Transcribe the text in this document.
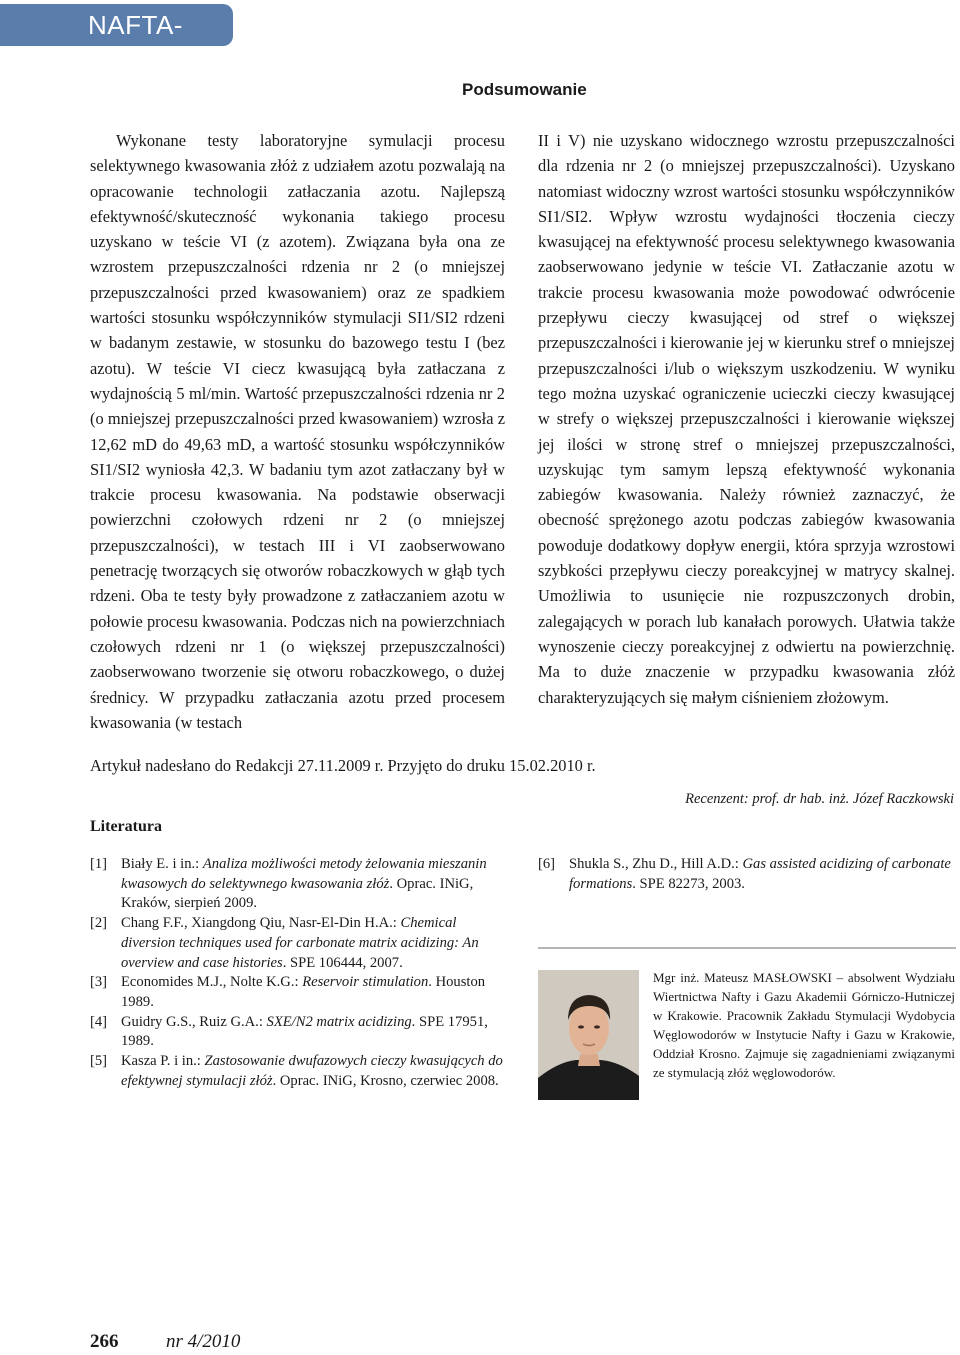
NAFTA-GAZ
Podsumowanie

Wykonane testy laboratoryjne symulacji procesu selektywnego kwasowania złóż z udziałem azotu pozwalają na opracowanie technologii zatłaczania azotu. Najlepszą efektywność/skuteczność wykonania takiego procesu uzyskano w teście VI (z azotem). Związana była ona ze wzrostem przepuszczalności rdzenia nr 2 (o mniejszej przepuszczalności przed kwasowaniem) oraz ze spadkiem wartości stosunku współczynników stymulacji SI1/SI2 rdzeni w badanym zestawie, w stosunku do bazowego testu I (bez azotu). W teście VI ciecz kwasującą była zatłaczana z wydajnością 5 ml/min. Wartość przepuszczalności rdzenia nr 2 (o mniejszej przepuszczalności przed kwasowaniem) wzrosła z 12,62 mD do 49,63 mD, a wartość stosunku współczynników SI1/SI2 wyniosła 42,3. W badaniu tym azot zatłaczany był w trakcie procesu kwasowania. Na podstawie obserwacji powierzchni czołowych rdzeni nr 2 (o mniejszej przepuszczalności), w testach III i VI zaobserwowano penetrację tworzących się otworów robaczkowych w głąb tych rdzeni. Oba te testy były prowadzone z zatłaczaniem azotu w połowie procesu kwasowania. Podczas nich na powierzchniach czołowych rdzeni nr 1 (o większej przepuszczalności) zaobserwowano tworzenie się otworu robaczkowego, o dużej średnicy. W przypadku zatłaczania azotu przed procesem kwasowania (w testach

II i V) nie uzyskano widocznego wzrostu przepuszczalności dla rdzenia nr 2 (o mniejszej przepuszczalności). Uzyskano natomiast widoczny wzrost wartości stosunku współczynników SI1/SI2. Wpływ wzrostu wydajności tłoczenia cieczy kwasującej na efektywność procesu selektywnego kwasowania zaobserwowano jedynie w teście VI. Zatłaczanie azotu w trakcie procesu kwasowania może powodować odwrócenie przepływu cieczy kwasującej od stref o większej przepuszczalności i kierowanie jej w kierunku stref o mniejszej przepuszczalności i/lub o większym uszkodzeniu. W wyniku tego można uzyskać ograniczenie ucieczki cieczy kwasującej w strefy o większej przepuszczalności i kierowanie większej jej ilości w stronę stref o mniejszej przepuszczalności, uzyskując tym samym lepszą efektywność wykonania zabiegów kwasowania. Należy również zaznaczyć, że obecność sprężonego azotu podczas zabiegów kwasowania powoduje dodatkowy dopływ energii, która sprzyja wzrostowi szybkości przepływu cieczy poreakcyjnej w matrycy skalnej. Umożliwia to usunięcie nie rozpuszczonych drobin, zalegających w porach lub kanałach porowych. Ułatwia także wynoszenie cieczy poreakcyjnej z odwiertu na powierzchnię. Ma to duże znaczenie w przypadku kwasowania złóż charakteryzujących się małym ciśnieniem złożowym.

Artykuł nadesłano do Redakcji 27.11.2009 r. Przyjęto do druku 15.02.2010 r.
Recenzent: prof. dr hab. inż. Józef Raczkowski
Literatura
[1] Biały E. i in.: Analiza możliwości metody żelowania mieszanin kwasowych do selektywnego kwasowania złóż. Oprac. INiG, Kraków, sierpień 2009.
[2] Chang F.F., Xiangdong Qiu, Nasr-El-Din H.A.: Chemical diversion techniques used for carbonate matrix acidizing: An overview and case histories. SPE 106444, 2007.
[3] Economides M.J., Nolte K.G.: Reservoir stimulation. Houston 1989.
[4] Guidry G.S., Ruiz G.A.: SXE/N2 matrix acidizing. SPE 17951, 1989.
[5] Kasza P. i in.: Zastosowanie dwufazowych cieczy kwasujących do efektywnej stymulacji złóż. Oprac. INiG, Krosno, czerwiec 2008.
[6] Shukla S., Zhu D., Hill A.D.: Gas assisted acidizing of carbonate formations. SPE 82273, 2003.
Mgr inż. Mateusz MASŁOWSKI – absolwent Wydziału Wiertnictwa Nafty i Gazu Akademii Górniczo-Hutniczej w Krakowie. Pracownik Zakładu Stymulacji Wydobycia Węglowodorów w Instytucie Nafty i Gazu w Krakowie, Oddział Krosno. Zajmuje się zagadnieniami związanymi ze stymulacją złóż węglowodorów.
266	nr 4/2010
